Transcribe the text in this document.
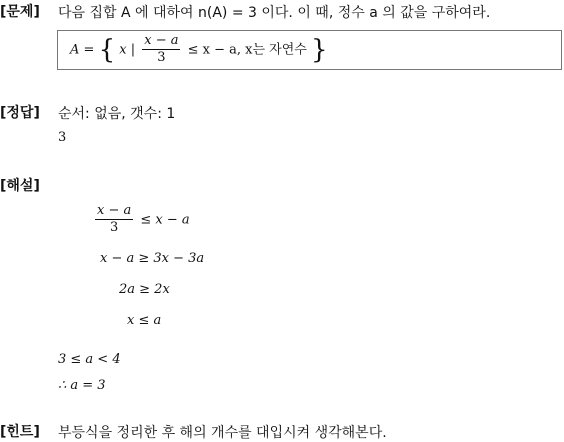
[문제] 다음 집합 A 에 대하여 n(A) = 3 이다. 이 때, 정수 a 의 값을 구하여라.
A = { x | $\frac{x - a}{3} \le x - a$, x는 자연수 }
[정답] 순서: 없음, 갯수: 1
3
[해설]
$\frac{x - a}{3} \le x - a$
x − a ≥ 3x − 3a
2a ≥ 2x
x ≤ a
3 ≤ a < 4
∴ a = 3
[힌트] 부등식을 정리한 후 해의 개수를 대입시켜 생각해본다.
